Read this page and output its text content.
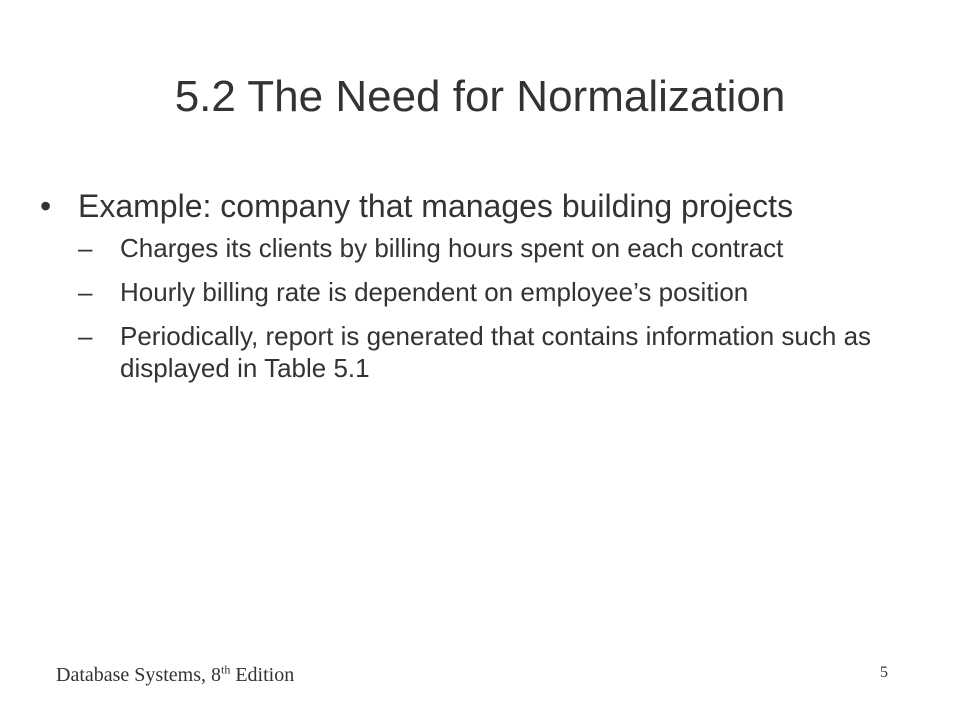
5.2 The Need for Normalization
• Example: company that manages building projects
–	Charges its clients by billing hours spent on each contract
–	Hourly billing rate is dependent on employee’s position
–	Periodically, report is generated that contains information such as displayed in Table 5.1
Database Systems, 8th Edition	5
